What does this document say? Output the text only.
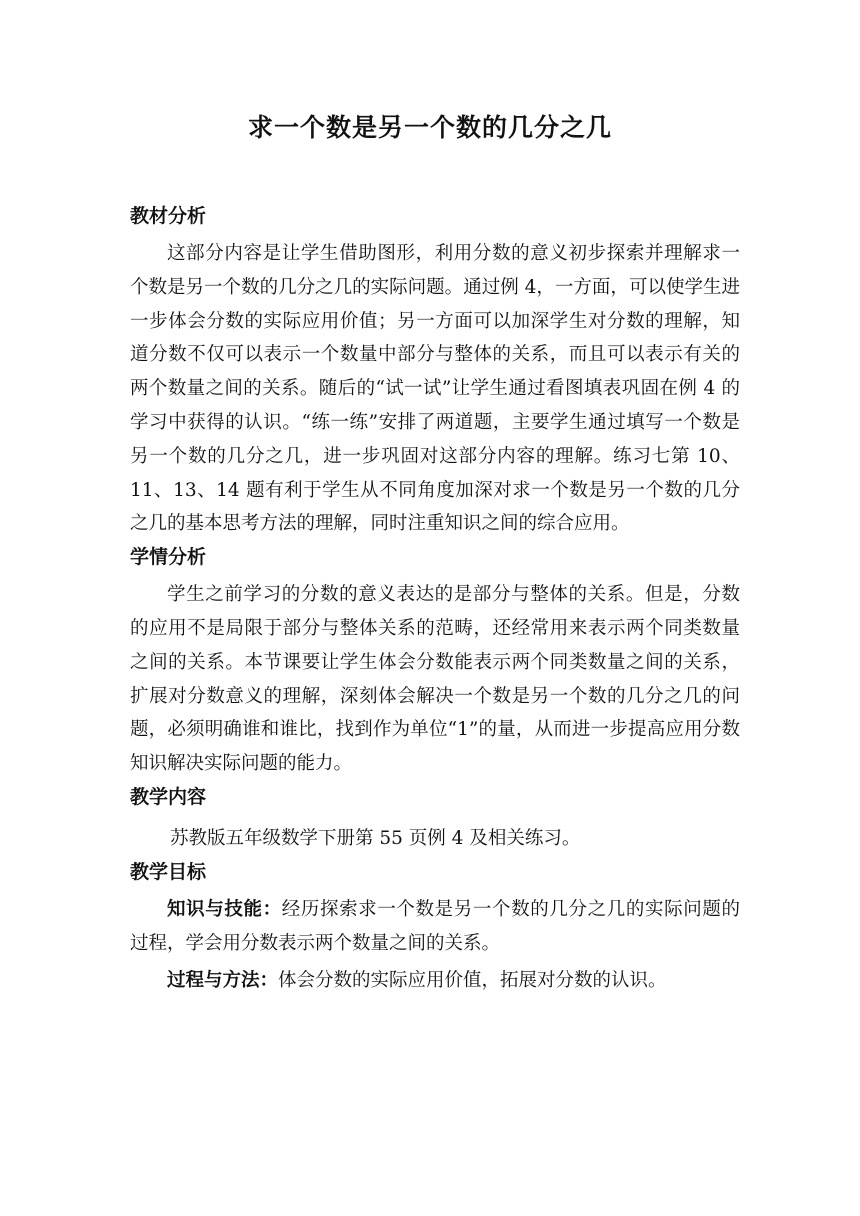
求一个数是另一个数的几分之几

教材分析

这部分内容是让学生借助图形，利用分数的意义初步探索并理解求一个数是另一个数的几分之几的实际问题。通过例 4，一方面，可以使学生进一步体会分数的实际应用价值；另一方面可以加深学生对分数的理解，知道分数不仅可以表示一个数量中部分与整体的关系，而且可以表示有关的两个数量之间的关系。随后的“试一试”让学生通过看图填表巩固在例 4 的学习中获得的认识。“练一练”安排了两道题，主要学生通过填写一个数是另一个数的几分之几，进一步巩固对这部分内容的理解。练习七第 10、11、13、14 题有利于学生从不同角度加深对求一个数是另一个数的几分之几的基本思考方法的理解，同时注重知识之间的综合应用。

学情分析

学生之前学习的分数的意义表达的是部分与整体的关系。但是，分数的应用不是局限于部分与整体关系的范畴，还经常用来表示两个同类数量之间的关系。本节课要让学生体会分数能表示两个同类数量之间的关系，扩展对分数意义的理解，深刻体会解决一个数是另一个数的几分之几的问题，必须明确谁和谁比，找到作为单位“1”的量，从而进一步提高应用分数知识解决实际问题的能力。

教学内容

苏教版五年级数学下册第 55 页例 4 及相关练习。

教学目标

知识与技能：经历探索求一个数是另一个数的几分之几的实际问题的过程，学会用分数表示两个数量之间的关系。

过程与方法：体会分数的实际应用价值，拓展对分数的认识。
